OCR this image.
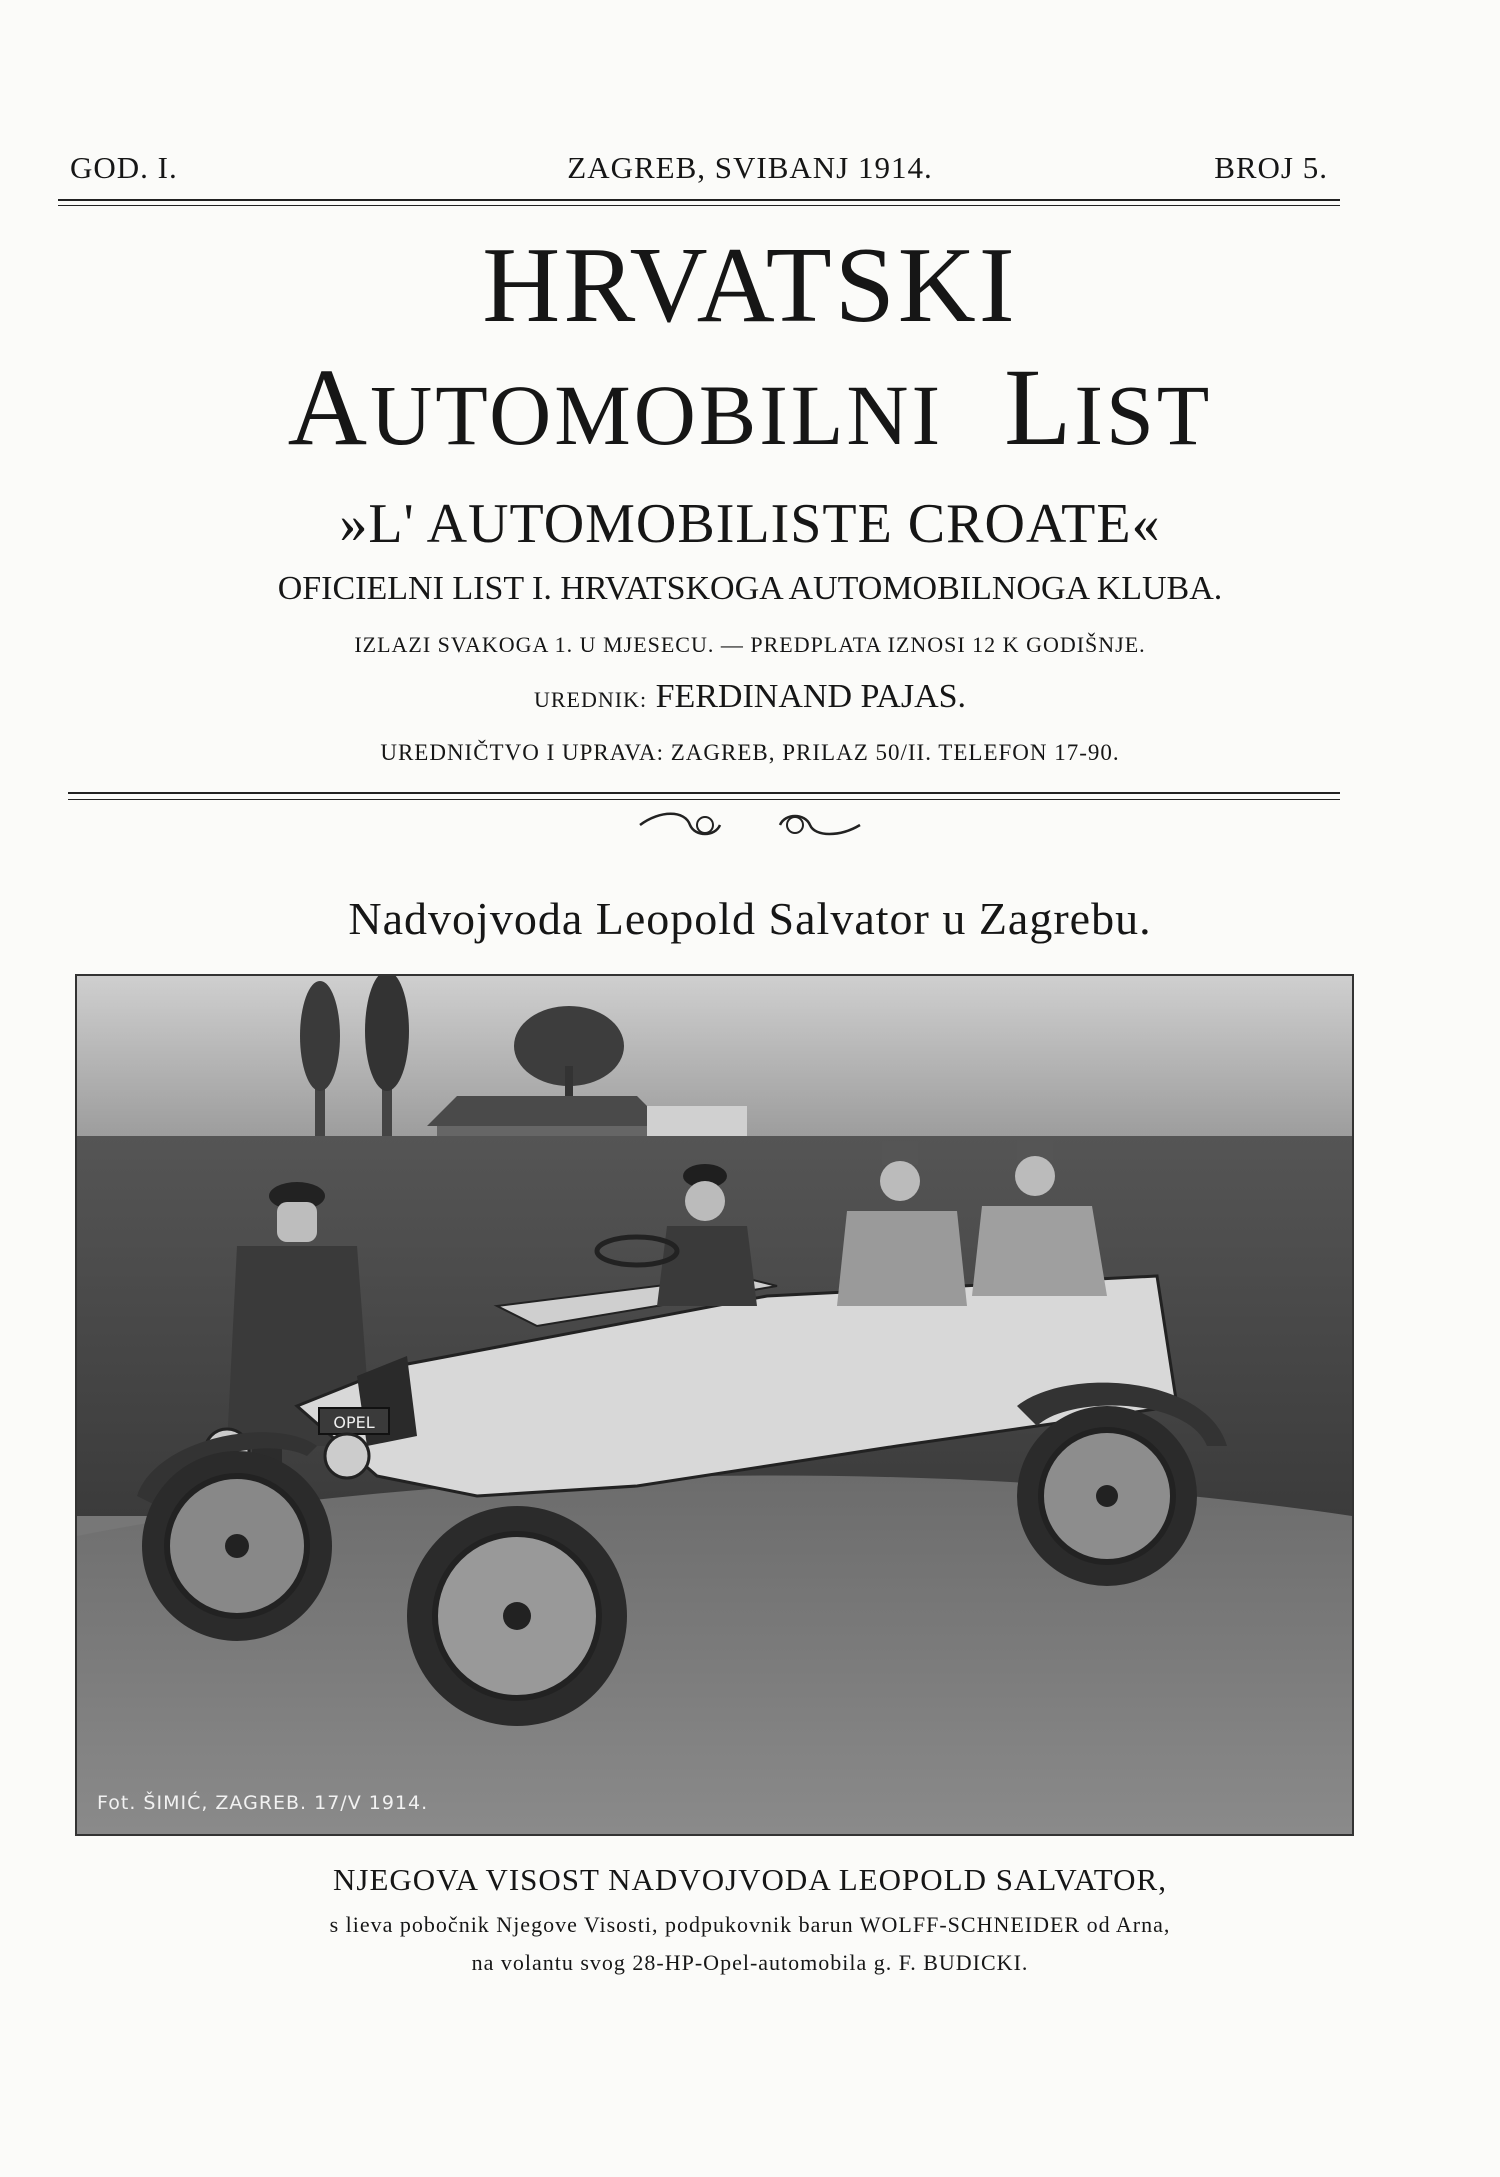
GOD. I.	ZAGREB, SVIBANJ 1914.	BROJ 5.
HRVATSKI
AUTOMOBILNI LIST
»L' AUTOMOBILISTE CROATE«
OFICIELNI LIST I. HRVATSKOGA AUTOMOBILNOGA KLUBA.
IZLAZI SVAKOGA 1. U MJESECU. — PREDPLATA IZNOSI 12 K GODIŠNJE.
UREDNIK: FERDINAND PAJAS.
UREDNIČTVO I UPRAVA: ZAGREB, PRILAZ 50/II. TELEFON 17-90.
Nadvojvoda Leopold Salvator u Zagrebu.
OPEL
Fot. ŠIMIĆ, ZAGREB. 17/V 1914.
NJEGOVA VISOST NADVOJVODA LEOPOLD SALVATOR,
s lieva pobočnik Njegove Visosti, podpukovnik barun WOLFF-SCHNEIDER od Arna,
na volantu svog 28-HP-Opel-automobila g. F. BUDICKI.
